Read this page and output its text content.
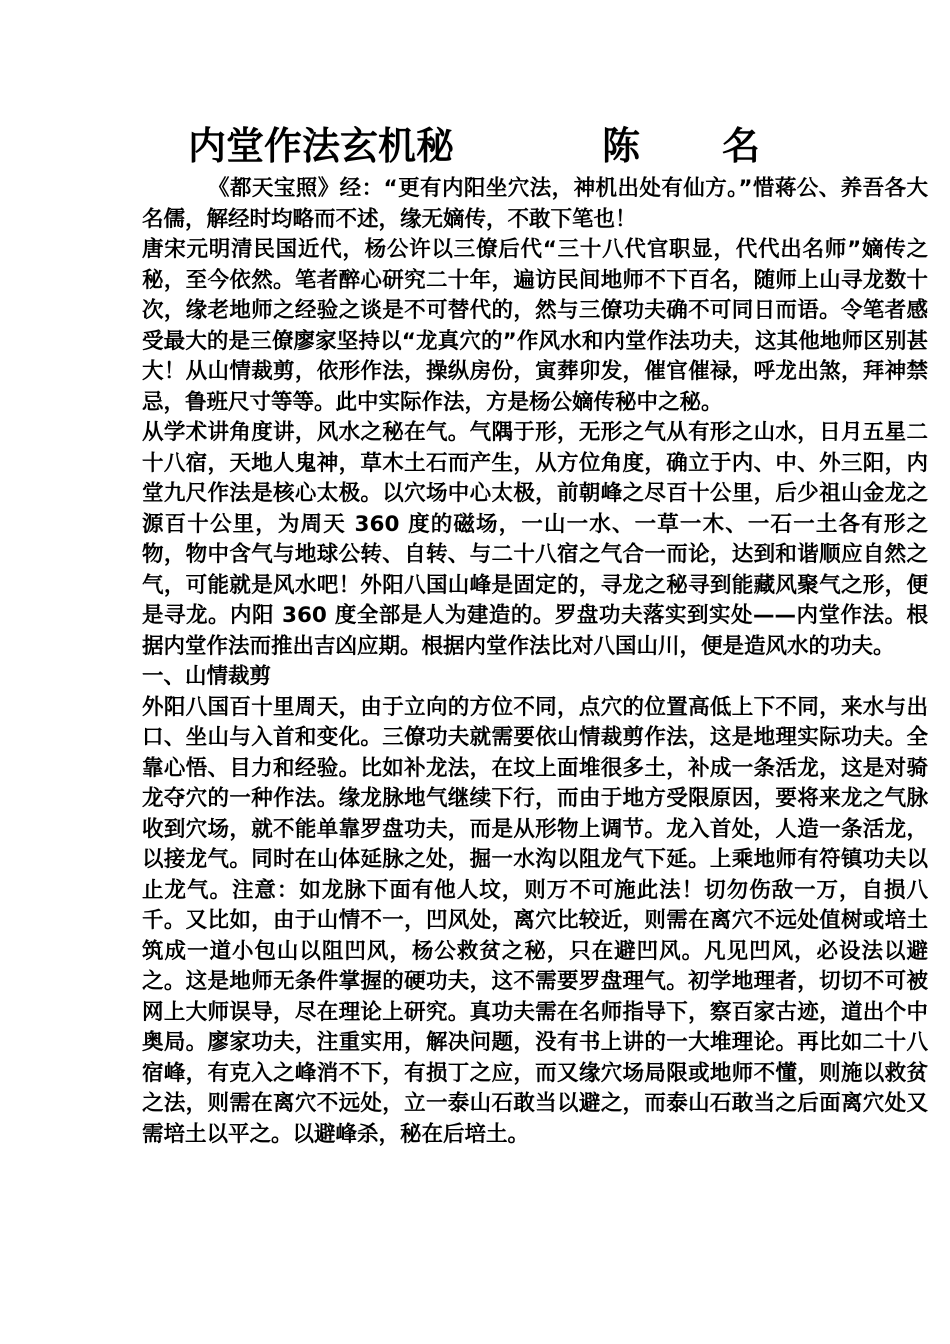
内堂作法玄机秘	陈名

《都天宝照》经：“更有内阳坐穴法，神机出处有仙方。”惜蒋公、养吾各大名儒，解经时均略而不述，缘无嫡传，不敢下笔也！

唐宋元明清民国近代，杨公许以三僚后代“三十八代官职显，代代出名师”嫡传之秘，至今依然。笔者醉心研究二十年，遍访民间地师不下百名，随师上山寻龙数十次，缘老地师之经验之谈是不可替代的，然与三僚功夫确不可同日而语。令笔者感受最大的是三僚廖家坚持以“龙真穴的”作风水和内堂作法功夫，这其他地师区别甚大！从山情裁剪，依形作法，操纵房份，寅葬卯发，催官催禄，呼龙出煞，拜神禁忌，鲁班尺寸等等。此中实际作法，方是杨公嫡传秘中之秘。

从学术讲角度讲，风水之秘在气。气隅于形，无形之气从有形之山水，日月五星二十八宿，天地人鬼神，草木土石而产生，从方位角度，确立于内、中、外三阳，内堂九尺作法是核心太极。以穴场中心太极，前朝峰之尽百十公里，后少祖山金龙之源百十公里，为周天 360 度的磁场，一山一水、一草一木、一石一土各有形之物，物中含气与地球公转、自转、与二十八宿之气合一而论，达到和谐顺应自然之气，可能就是风水吧！外阳八国山峰是固定的，寻龙之秘寻到能藏风聚气之形，便是寻龙。内阳 360 度全部是人为建造的。罗盘功夫落实到实处——内堂作法。根据内堂作法而推出吉凶应期。根据内堂作法比对八国山川，便是造风水的功夫。

一、山情裁剪

外阳八国百十里周天，由于立向的方位不同，点穴的位置高低上下不同，来水与出口、坐山与入首和变化。三僚功夫就需要依山情裁剪作法，这是地理实际功夫。全靠心悟、目力和经验。比如补龙法，在坟上面堆很多土，补成一条活龙，这是对骑龙夺穴的一种作法。缘龙脉地气继续下行，而由于地方受限原因，要将来龙之气脉收到穴场，就不能单靠罗盘功夫，而是从形物上调节。龙入首处，人造一条活龙，以接龙气。同时在山体延脉之处，掘一水沟以阻龙气下延。上乘地师有符镇功夫以止龙气。注意：如龙脉下面有他人坟，则万不可施此法！切勿伤敌一万，自损八千。又比如，由于山情不一，凹风处，离穴比较近，则需在离穴不远处值树或培土筑成一道小包山以阻凹风，杨公救贫之秘，只在避凹风。凡见凹风，必设法以避之。这是地师无条件掌握的硬功夫，这不需要罗盘理气。初学地理者，切切不可被网上大师误导，尽在理论上研究。真功夫需在名师指导下，察百家古迹，道出个中奥局。廖家功夫，注重实用，解决问题，没有书上讲的一大堆理论。再比如二十八宿峰，有克入之峰消不下，有损丁之应，而又缘穴场局限或地师不懂，则施以救贫之法，则需在离穴不远处，立一泰山石敢当以避之，而泰山石敢当之后面离穴处又需培土以平之。以避峰杀，秘在后培土。
